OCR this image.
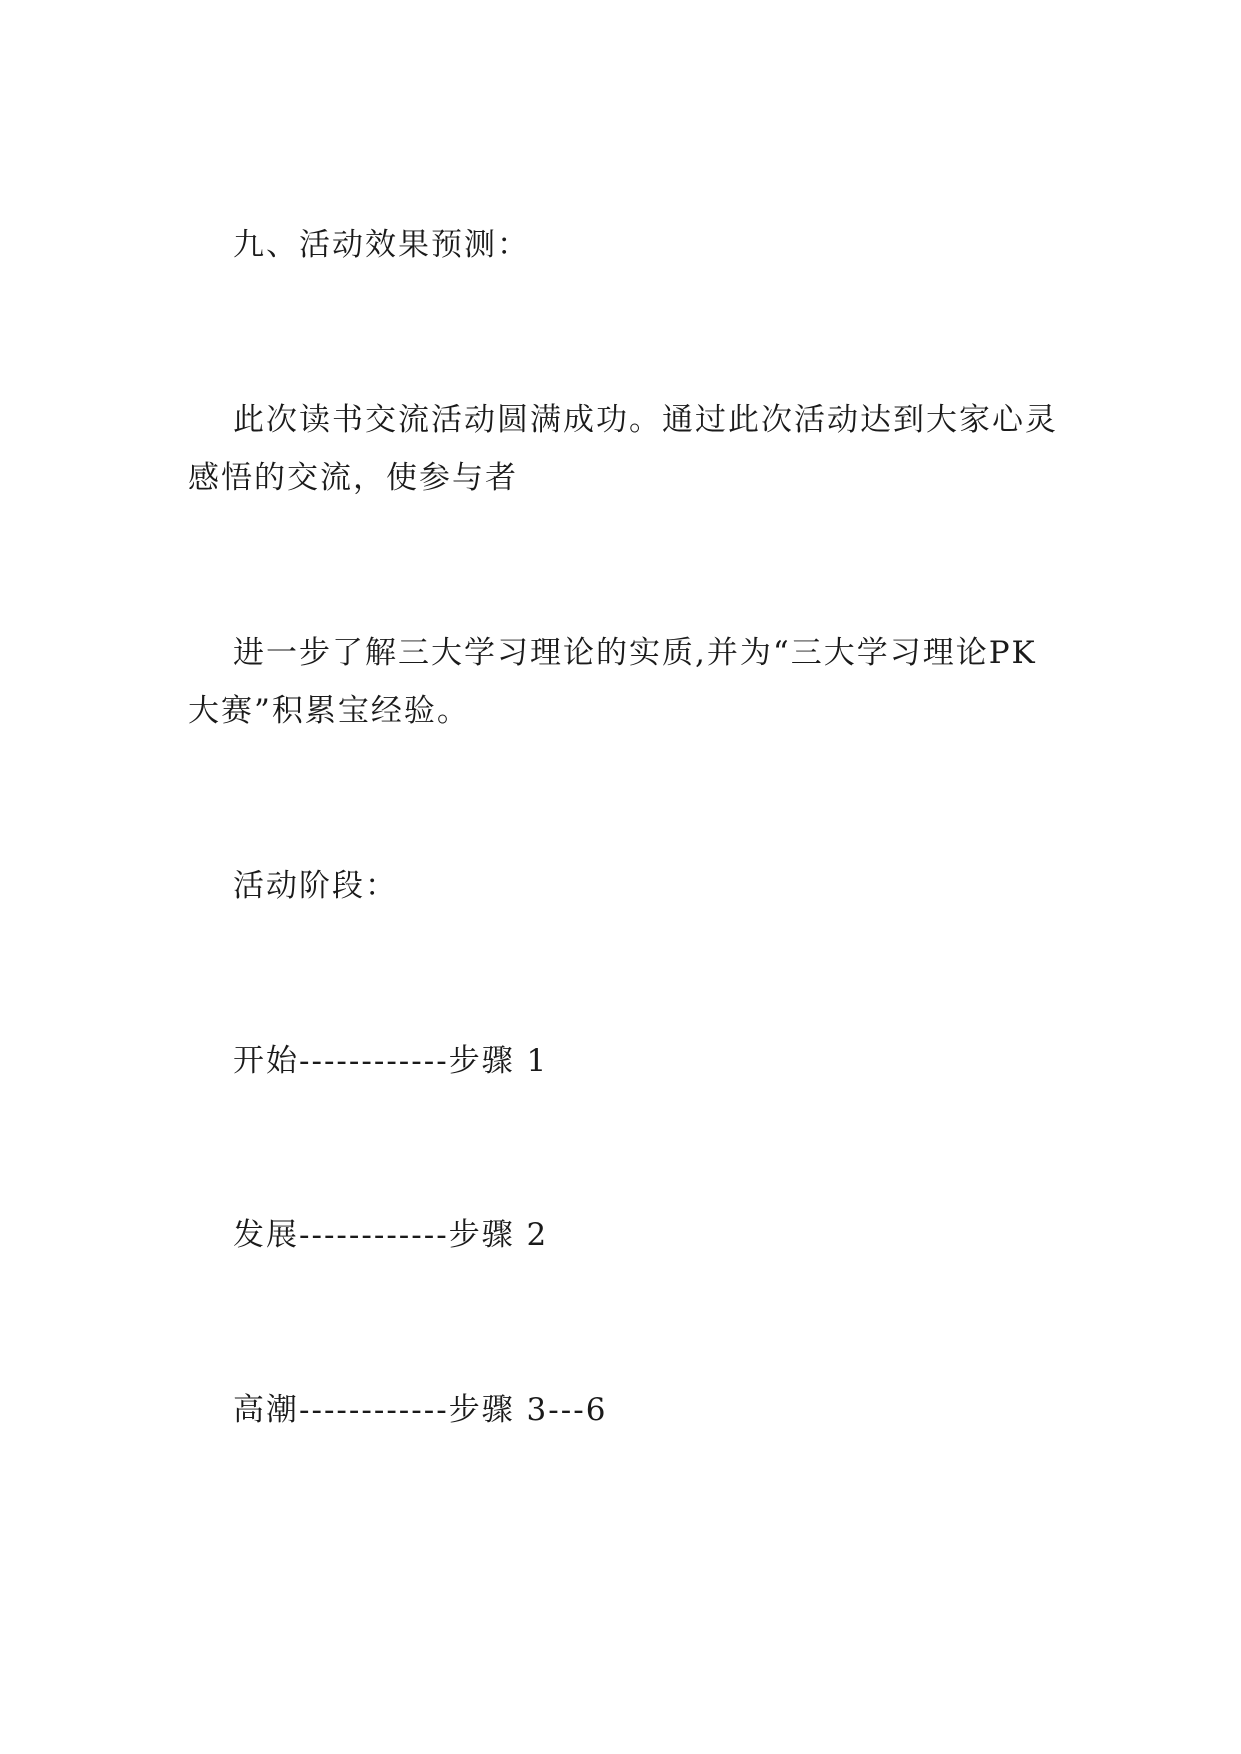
九、活动效果预测：
此次读书交流活动圆满成功。通过此次活动达到大家心灵
感悟的交流，使参与者
进一步了解三大学习理论的实质,并为“三大学习理论PK
大赛”积累宝经验。
活动阶段：
开始------------步骤 1
发展------------步骤 2
高潮------------步骤 3---6
